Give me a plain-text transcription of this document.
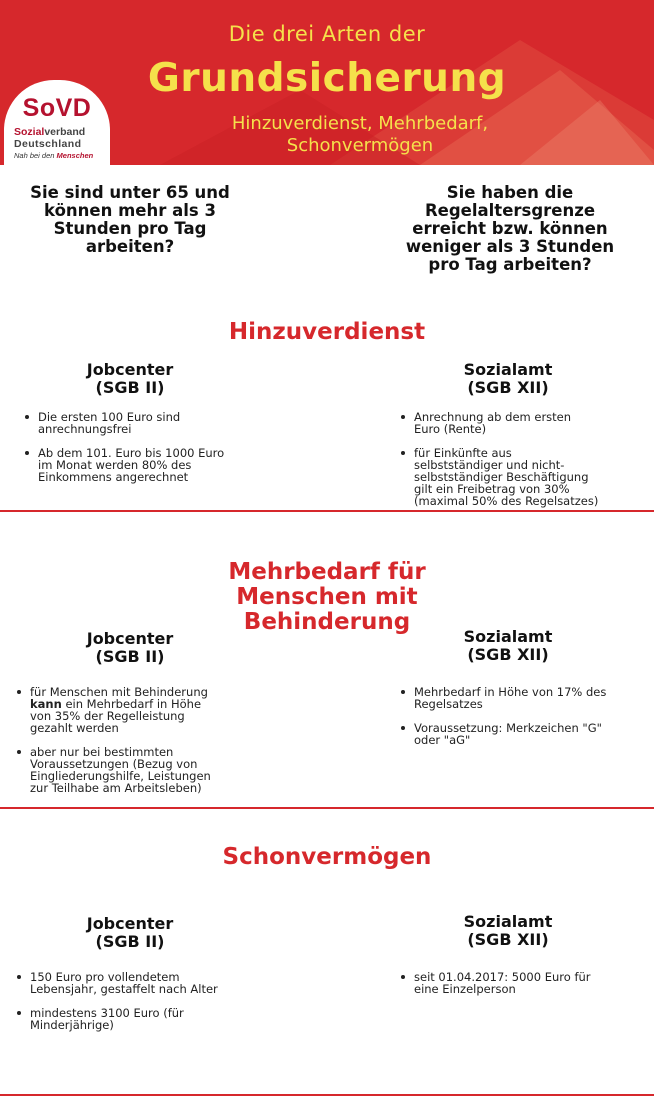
Die drei Arten der
Grundsicherung
Hinzuverdienst, Mehrbedarf,
Schonvermögen
SoVD
Sozialverband
Deutschland
Nah bei den Menschen
Sie sind unter 65 und
können mehr als 3
Stunden pro Tag
arbeiten?
Sie haben die
Regelaltersgrenze
erreicht bzw. können
weniger als 3 Stunden
pro Tag arbeiten?
Hinzuverdienst
Jobcenter
(SGB II)
Sozialamt
(SGB XII)
Die ersten 100 Euro sind
anrechnungsfrei
Ab dem 101. Euro bis 1000 Euro
im Monat werden 80% des
Einkommens angerechnet
Anrechnung ab dem ersten
Euro (Rente)
für Einkünfte aus
selbstständiger und nicht-
selbstständiger Beschäftigung
gilt ein Freibetrag von 30%
(maximal 50% des Regelsatzes)
Mehrbedarf für
Menschen mit
Behinderung
Jobcenter
(SGB II)
Sozialamt
(SGB XII)
für Menschen mit Behinderung
kann ein Mehrbedarf in Höhe
von 35% der Regelleistung
gezahlt werden
aber nur bei bestimmten
Voraussetzungen (Bezug von
Eingliederungshilfe, Leistungen
zur Teilhabe am Arbeitsleben)
Mehrbedarf in Höhe von 17% des
Regelsatzes
Voraussetzung: Merkzeichen "G"
oder "aG"
Schonvermögen
Jobcenter
(SGB II)
Sozialamt
(SGB XII)
150 Euro pro vollendetem
Lebensjahr, gestaffelt nach Alter
mindestens 3100 Euro (für
Minderjährige)
seit 01.04.2017: 5000 Euro für
eine Einzelperson
